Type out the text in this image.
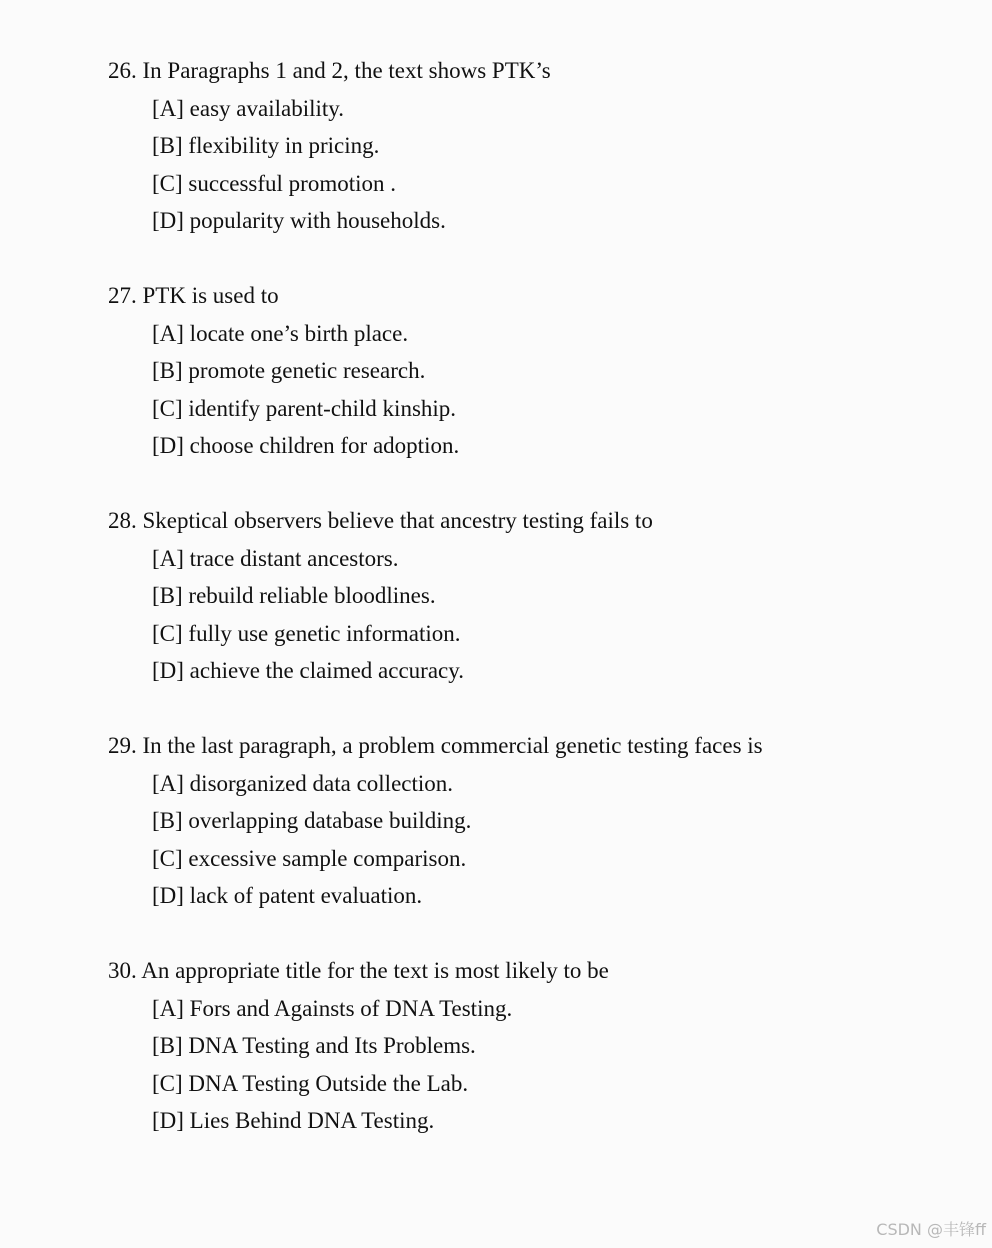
26. In Paragraphs 1 and 2, the text shows PTK’s
[A] easy availability.
[B] flexibility in pricing.
[C] successful promotion .
[D] popularity with households.
27. PTK is used to
[A] locate one’s birth place.
[B] promote genetic research.
[C] identify parent-child kinship.
[D] choose children for adoption.
28. Skeptical observers believe that ancestry testing fails to
[A] trace distant ancestors.
[B] rebuild reliable bloodlines.
[C] fully use genetic information.
[D] achieve the claimed accuracy.
29. In the last paragraph, a problem commercial genetic testing faces is
[A] disorganized data collection.
[B] overlapping database building.
[C] excessive sample comparison.
[D] lack of patent evaluation.
30. An appropriate title for the text is most likely to be
[A] Fors and Againsts of DNA Testing.
[B] DNA Testing and Its Problems.
[C] DNA Testing Outside the Lab.
[D] Lies Behind DNA Testing.
CSDN @丰锋ff
